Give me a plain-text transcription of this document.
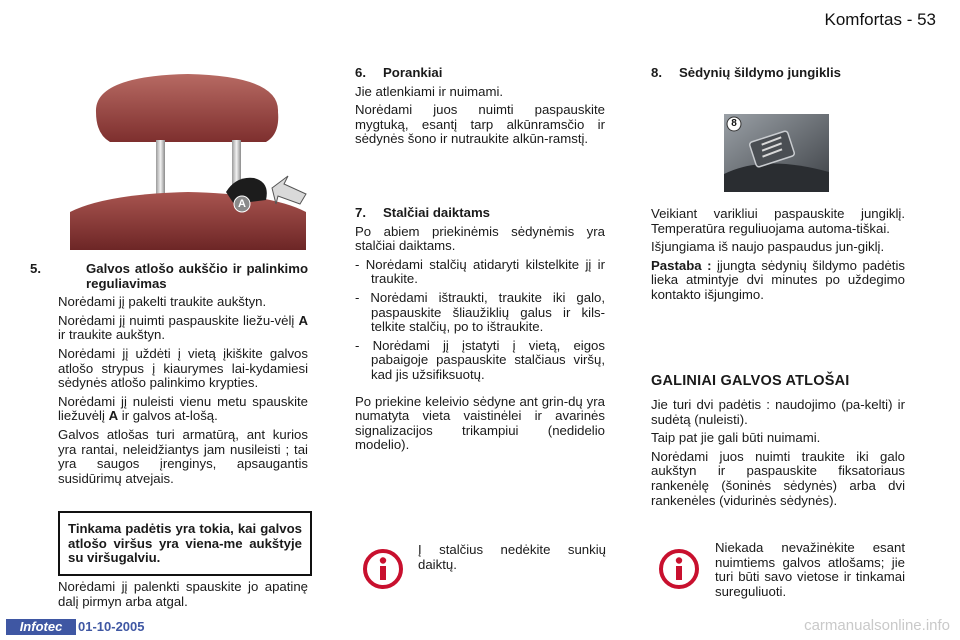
Komfortas - 53
A

5.	Galvos atlošo aukščio ir palinkimo reguliavimas

Norėdami jį pakelti traukite aukštyn.

Norėdami jį nuimti paspauskite liežu-vėlį A ir traukite aukštyn.

Norėdami jį uždėti į vietą įkiškite galvos atlošo strypus į kiaurymes lai-kydamiesi sėdynės atlošo palinkimo krypties.

Norėdami jį nuleisti vienu metu spauskite liežuvėlį A ir galvos at-lošą.

Galvos atlošas turi armatūrą, ant kurios yra rantai, neleidžiantys jam nusileisti ; tai yra saugos įrenginys, apsaugantis susidūrimų atvejais.

Tinkama padėtis yra tokia, kai galvos atlošo viršus yra viena-me aukštyje su viršugalviu.

Norėdami jį palenkti spauskite jo apatinę dalį pirmyn arba atgal.

6. Porankiai

Jie atlenkiami ir nuimami.

Norėdami juos nuimti paspauskite mygtuką, esantį tarp alkūnramsčio ir sėdynės šono ir nutraukite alkūn-ramstį.

7. Stalčiai daiktams

Po abiem priekinėmis sėdynėmis yra stalčiai daiktams.

- Norėdami stalčių atidaryti kilstelkite jį ir traukite.

- Norėdami ištraukti, traukite iki galo, paspauskite šliaužiklių galus ir kils-telkite stalčių, po to ištraukite.

- Norėdami jį įstatyti į vietą, eigos pabaigoje paspauskite stalčiaus viršų, kad jis užsifiksuotų.

Po priekine keleivio sėdyne ant grin-dų yra numatyta vieta vaistinėlei ir avarinės signalizacijos trikampiui (nedidelio modelio).

Į stalčius nedėkite sunkių daiktų.

8. Sėdynių šildymo jungiklis

8

Veikiant varikliui paspauskite jungiklį. Temperatūra reguliuojama automa-tiškai.

Išjungiama iš naujo paspaudus jun-giklį.

Pastaba : įjungta sėdynių šildymo padėtis lieka atmintyje dvi minutes po uždegimo kontakto išjungimo.

GALINIAI GALVOS ATLOŠAI

Jie turi dvi padėtis : naudojimo (pa-kelti) ir sudėtą (nuleisti).

Taip pat jie gali būti nuimami.

Norėdami juos nuimti traukite iki galo aukštyn ir paspauskite fiksatoriaus rankenėlę (šoninės sėdynės) arba dvi rankenėles (vidurinės sėdynės).

Niekada nevažinėkite esant nuimtiems galvos atlošams; jie turi būti savo vietose ir tinkamai sureguliuoti.

Infotec	01-10-2005	carmanualsonline.info
